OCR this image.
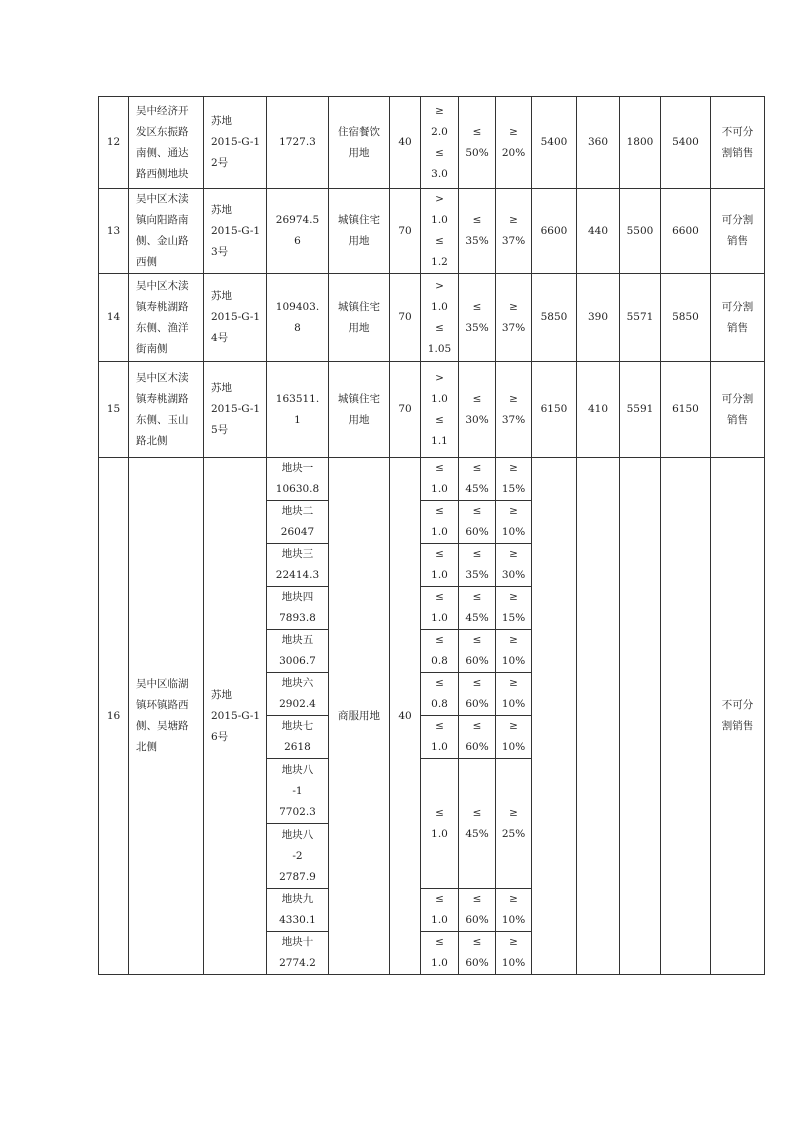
12	吴中经济开
发区东振路
南侧、通达
路西侧地块	苏地
2015-G-1
2号	1727.3	住宿餐饮
用地	40	≥
2.0
≤
3.0	≤
50%	≥
20%	5400	360	1800	5400	不可分
割销售
13	吴中区木渎
镇向阳路南
侧、金山路
西侧	苏地
2015-G-1
3号	26974.5
6	城镇住宅
用地	70	>
1.0
≤
1.2	≤
35%	≥
37%	6600	440	5500	6600	可分割
销售
14	吴中区木渎
镇寿桃湖路
东侧、渔洋
街南侧	苏地
2015-G-1
4号	109403.
8	城镇住宅
用地	70	>
1.0
≤
1.05	≤
35%	≥
37%	5850	390	5571	5850	可分割
销售
15	吴中区木渎
镇寿桃湖路
东侧、玉山
路北侧	苏地
2015-G-1
5号	163511.
1	城镇住宅
用地	70	>
1.0
≤
1.1	≤
30%	≥
37%	6150	410	5591	6150	可分割
销售
16	吴中区临湖
镇环镇路西
侧、吴塘路
北侧	苏地
2015-G-1
6号	地块一
10630.8	商服用地	40	≤
1.0	≤
45%	≥
15%					不可分
割销售
			地块二
26047			≤
1.0	≤
60%	≥
10%					
			地块三
22414.3			≤
1.0	≤
35%	≥
30%					
			地块四
7893.8			≤
1.0	≤
45%	≥
15%					
			地块五
3006.7			≤
0.8	≤
60%	≥
10%					
			地块六
2902.4			≤
0.8	≤
60%	≥
10%					
			地块七
2618			≤
1.0	≤
60%	≥
10%					
			地块八
-1
7702.3			≤
1.0	≤
45%	≥
25%					
			地块八
-2
2787.9										
			地块九
4330.1			≤
1.0	≤
60%	≥
10%					
			地块十
2774.2			≤
1.0	≤
60%	≥
10%					
